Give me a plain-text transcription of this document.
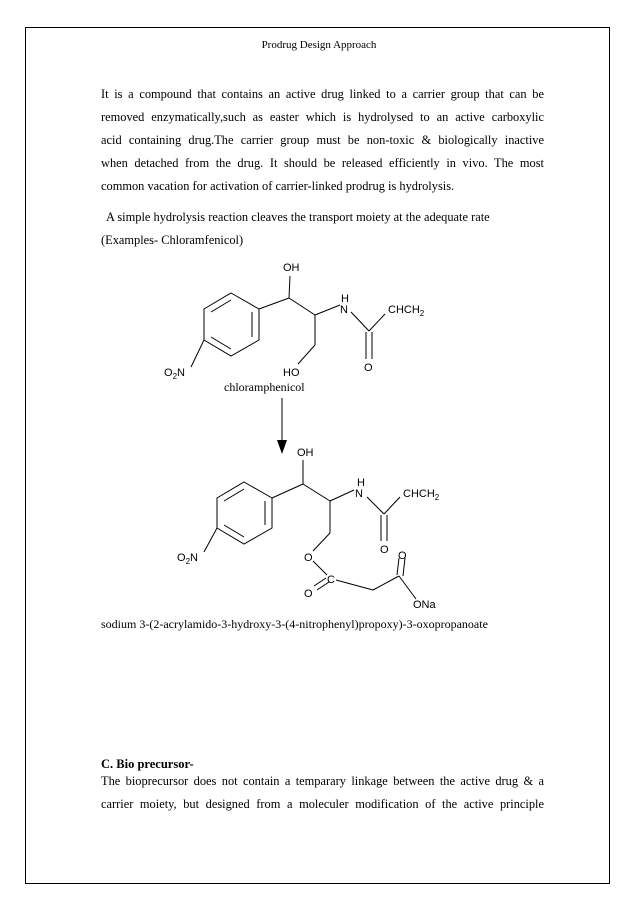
Prodrug Design Approach
It is a compound that contains an active drug linked to a carrier group that can be
removed enzymatically,such as easter which is hydrolysed to an active carboxylic
acid containing drug.The carrier group must be non-toxic & biologically inactive
when detached from the drug. It should be released efficiently in vivo. The most
common vacation for activation of carrier-linked prodrug is hydrolysis.
A simple hydrolysis reaction cleaves the transport moiety at the adequate rate
(Examples- Chloramfenicol)
OH
H
N	$CHCH_2$
O
HO
$O_2N$
OH
H
N	$CHCH_2$
O
O
C
O
O
ONa
$O_2N$
chloramphenicol
sodium 3-(2-acrylamido-3-hydroxy-3-(4-nitrophenyl)propoxy)-3-oxopropanoate
C. Bio precursor-
The bioprecursor does not contain a temparary linkage between the active drug & a
carrier moiety, but designed from a moleculer modification of the active principle
